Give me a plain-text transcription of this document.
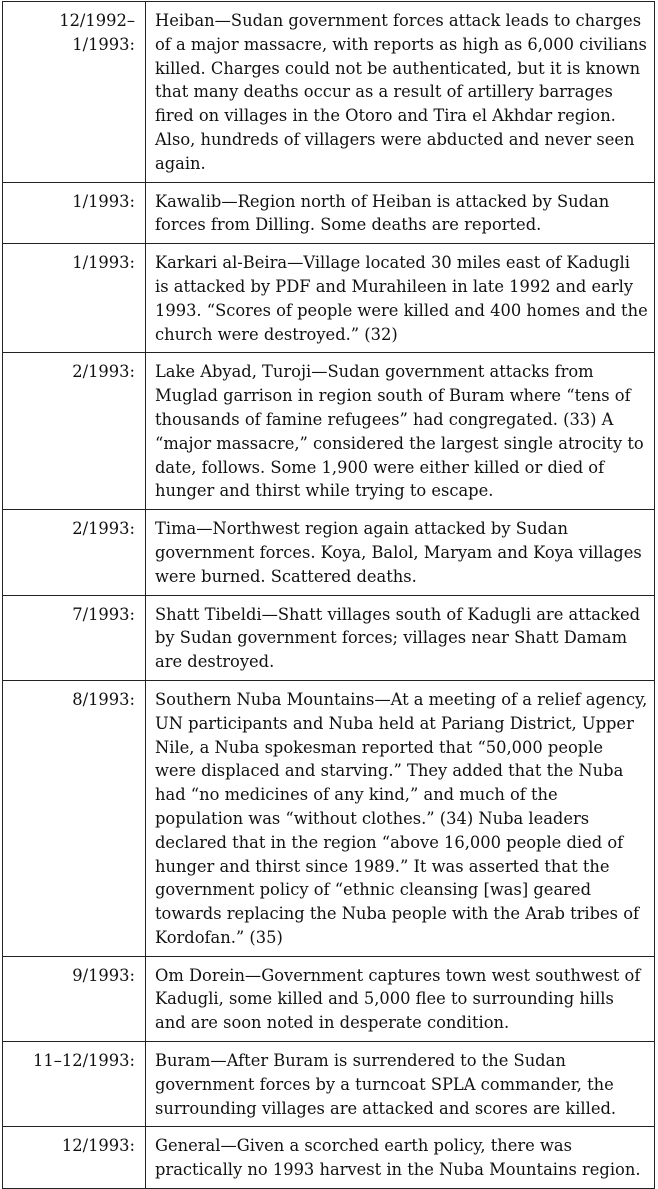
12/1992–
1/1993:	Heiban—Sudan government forces attack leads to charges of a major massacre, with reports as high as 6,000 civilians killed. Charges could not be authenticated, but it is known that many deaths occur as a result of artillery barrages fired on villages in the Otoro and Tira el Akhdar region. Also, hundreds of villagers were abducted and never seen again.

1/1993:	Kawalib—Region north of Heiban is attacked by Sudan forces from Dilling. Some deaths are reported.

1/1993:	Karkari al-Beira—Village located 30 miles east of Kadugli is attacked by PDF and Murahileen in late 1992 and early 1993. “Scores of people were killed and 400 homes and the church were destroyed.” (32)

2/1993:	Lake Abyad, Turoji—Sudan government attacks from Muglad garrison in region south of Buram where “tens of thousands of famine refugees” had congregated. (33) A “major massacre,” considered the largest single atrocity to date, follows. Some 1,900 were either killed or died of hunger and thirst while trying to escape.

2/1993:	Tima—Northwest region again attacked by Sudan government forces. Koya, Balol, Maryam and Koya villages were burned. Scattered deaths.

7/1993:	Shatt Tibeldi—Shatt villages south of Kadugli are attacked by Sudan government forces; villages near Shatt Damam are destroyed.

8/1993:	Southern Nuba Mountains—At a meeting of a relief agency, UN participants and Nuba held at Pariang District, Upper Nile, a Nuba spokesman reported that “50,000 people were displaced and starving.” They added that the Nuba had “no medicines of any kind,” and much of the population was “without clothes.” (34) Nuba leaders declared that in the region “above 16,000 people died of hunger and thirst since 1989.” It was asserted that the government policy of “ethnic cleansing [was] geared towards replacing the Nuba people with the Arab tribes of Kordofan.” (35)

9/1993:	Om Dorein—Government captures town west southwest of Kadugli, some killed and 5,000 flee to surrounding hills and are soon noted in desperate condition.

11–12/1993:	Buram—After Buram is surrendered to the Sudan government forces by a turncoat SPLA commander, the surrounding villages are attacked and scores are killed.

12/1993:	General—Given a scorched earth policy, there was practically no 1993 harvest in the Nuba Mountains region.
